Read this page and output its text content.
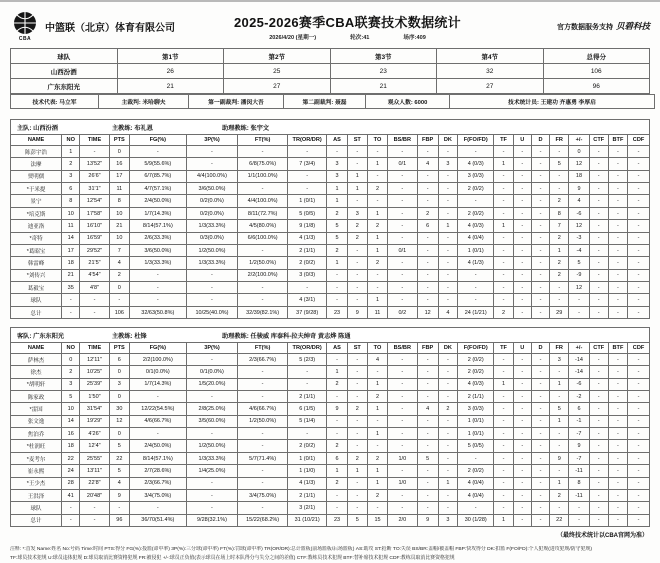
CBA
中篮联（北京）体育有限公司	2025-2026赛季CBA联赛技术数据统计
2026/4/20 (星期一)	轮次:41	场序:409
官方数据服务支持 贝碧科技
球队	第1节	第2节	第3节	第4节	总得分
山西汾酒	26	25	23	32	106
广东东阳光	21	27	21	27	96
技术代表: 马立军	主裁判: 米哈聊夫	第一副裁判: 潘闵大吾	第二副裁判: 聂磊	观众人数: 6000	技术统计员: 王建功 齐惠勇 李厚启
主队: 山西汾酒	主教练: 布礼恩	助理教练: 张宇文
NAME	NO	TIME	PTS	FG(%)	3P(%)	FT(%)	TR(OR/DR)	AS	ST	TO	BS/BR	FBP	DK	F(FO/FD)	TF	U	D	FR	+/-	CTF	BTF	CDF
陈彭宇浩	1	-	0	-	-	-	-	-	-	-	-	-	-	-	-	-	-	-	0	-	-	-
法摩	2	13'52"	16	5/9(55.6%)	-	6/8(75.0%)	7 (3/4)	3	-	1	0/1	4	3	4 (0/3)	1	-	-	5	12	-	-	-
贾明儒	3	26'6"	17	6/7(85.7%)	4/4(100.0%)	1/1(100.0%)	-	3	1	-	-	-	-	3 (0/3)	-	-	-	-	18	-	-	-
*于米提	6	31'1"	11	4/7(57.1%)	3/6(50.0%)	-	-	1	1	2	-	-	-	2 (0/2)	-	-	-	-	9	-	-	-
景宁	8	12'54"	8	2/4(50.0%)	0/2(0.0%)	4/4(100.0%)	1 (0/1)	1	-	-	-	-	-	-	-	-	-	2	4	-	-	-
*培克斯	10	17'58"	10	1/7(14.3%)	0/2(0.0%)	8/11(72.7%)	5 (0/5)	2	3	1	-	2	-	2 (0/2)	-	-	-	8	-6	-	-	-
迪亚洛	11	16'10"	21	8/14(57.1%)	1/3(33.3%)	4/5(80.0%)	9 (1/8)	5	2	2	-	6	1	4 (0/3)	1	-	-	7	12	-	-	-
*奇特	14	16'59"	10	2/6(33.3%)	0/3(0.0%)	6/6(100.0%)	4 (1/3)	5	2	1	-	-	-	4 (0/4)	-	-	-	2	-3	-	-	-
*葛昭宝	17	29'52"	7	3/6(50.0%)	1/2(50.0%)	-	2 (1/1)	2	-	1	0/1	-	-	1 (0/1)	-	-	-	1	-4	-	-	-
韩雷峰	18	21'5"	4	1/3(33.3%)	1/3(33.3%)	1/2(50.0%)	2 (0/2)	1	-	2	-	-	-	4 (1/3)	-	-	-	2	5	-	-	-
*刘传兴	21	4'54"	2	-	-	2/2(100.0%)	3 (0/3)	-	-	-	-	-	-	-	-	-	-	2	-9	-	-	-
葛毅宝	35	4'8"	0	-	-	-	-	-	-	-	-	-	-	-	-	-	-	-	12	-	-	-
球队	-	-	-	-	-	-	4 (3/1)	-	-	1	-	-	-	-	-	-	-	-	-	-	-	-
总计	-	-	106	32/63(50.8%)	10/25(40.0%)	32/39(82.1%)	37 (9/28)	23	9	11	0/2	12	4	24 (1/21)	2	-	-	29	-	-	-	-
客队: 广东东阳光	主教练: 杜锋	助理教练: 任骏威 库泰科-拉夫绅奇 黄志烨 陈通
NAME	NO	TIME	PTS	FG(%)	3P(%)	FT(%)	TR(OR/DR)	AS	ST	TO	BS/BR	FBP	DK	F(FO/FD)	TF	U	D	FR	+/-	CTF	BTF	CDF
萨林杰	0	12'11"	6	2/2(100.0%)	-	2/3(66.7%)	5 (2/3)	-	-	4	-	-	-	2 (0/2)	-	-	-	3	-14	-	-	-
徐杰	2	10'25"	0	0/1(0.0%)	0/1(0.0%)	-	-	1	-	-	-	-	-	2 (0/2)	-	-	-	-	-14	-	-	-
*胡明轩	3	25'39"	3	1/7(14.3%)	1/5(20.0%)	-	-	2	-	1	-	-	-	4 (0/3)	1	-	-	1	-6	-	-	-
陈家政	5	1'50"	0	-	-	-	2 (1/1)	-	-	2	-	-	-	2 (1/1)	-	-	-	-	-2	-	-	-
*雷国	10	31'54"	30	12/22(54.5%)	2/8(25.0%)	4/6(66.7%)	6 (1/5)	9	2	1	-	4	2	3 (0/3)	-	-	-	5	6	-	-	-
张文逸	14	19'29"	12	4/6(66.7%)	3/5(60.0%)	1/2(50.0%)	5 (1/4)	-	-	-	-	-	-	1 (0/1)	-	-	-	1	-1	-	-	-
焦泊乔	16	4'26"	0	-	-	-	-	-	-	1	-	-	-	1 (0/1)	-	-	-	-	-7	-	-	-
*杜润旺	18	12'4"	5	2/4(50.0%)	1/2(50.0%)	-	2 (0/2)	2	-	-	-	-	-	5 (0/5)	-	-	-	-	9	-	-	-
*麦考尔	22	25'55"	22	8/14(57.1%)	1/3(33.3%)	5/7(71.4%)	1 (0/1)	6	2	2	1/0	5	-	-	-	-	-	9	-7	-	-	-
崔永熙	24	13'11"	5	2/7(28.6%)	1/4(25.0%)	-	1 (1/0)	1	1	1	-	-	-	2 (0/2)	-	-	-	-	-11	-	-	-
*王少杰	28	22'8"	4	2/3(66.7%)	-	-	4 (1/3)	2	-	1	1/0	-	1	4 (0/4)	-	-	-	1	8	-	-	-
王洪泽	41	20'48"	9	3/4(75.0%)	-	3/4(75.0%)	2 (1/1)	-	-	2	-	-	-	4 (0/4)	-	-	-	2	-11	-	-	-
球队	-	-	-	-	-	-	3 (2/1)	-	-	-	-	-	-	-	-	-	-	-	-	-	-	-
总计	-	-	96	36/70(51.4%)	9/28(32.1%)	15/22(68.2%)	31 (10/21)	23	5	15	2/0	9	3	30 (1/28)	1	-	-	22	-	-	-	-
（最终技术统计以CBA官网为准）
注释: *:首发 Name:姓名 No:号码 Time:时间 PTS:得分 FG(%):投篮(命中率) 3P(%):三分球(命中率) FT(%):罚球(命中率) TR(OR/DR):总计篮板(前场篮板/后场篮板) AS:助攻 ST:抢断 TO:失误 BS/BR:盖帽/被盖帽 FBP:快攻得分 DK:扣篮 F(FO/FD):个人犯规(进攻犯规/防守犯规)
TF:球员技术犯规 U:球员违体犯规 D:球员取消比赛资格犯规 FR:被侵犯 +/-:球员正负值(表示球员在场上时本队得分与失分之间的差值) CTF:教练员技术犯规 BTF:替补席技术犯规 CDF:教练员取消比赛资格犯规
